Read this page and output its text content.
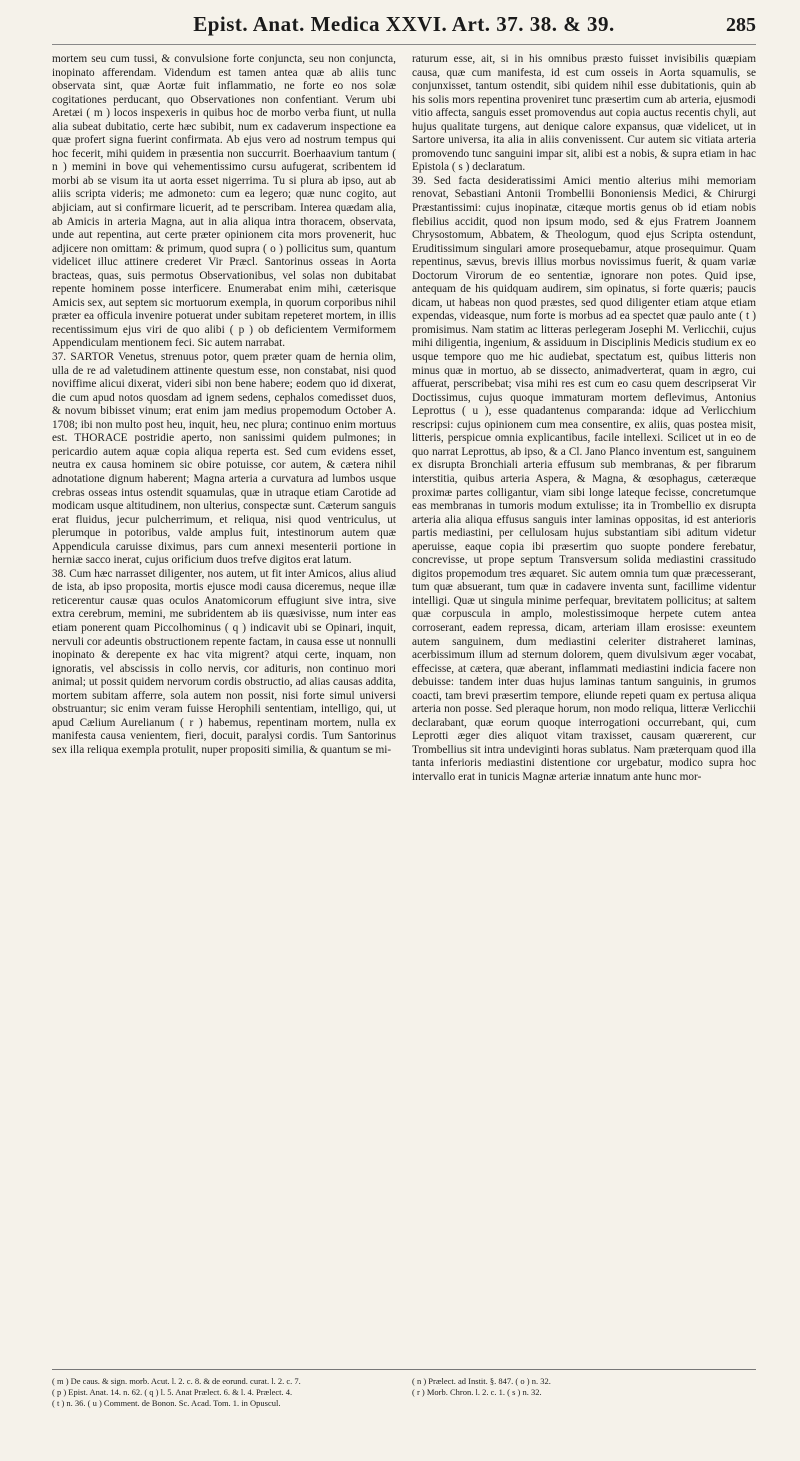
Epist. Anat. Medica XXVI. Art. 37. 38. & 39.	285

mortem seu cum tussi, & convulsione forte conjuncta, seu non conjuncta, inopinato afferendam. Videndum est tamen antea quæ ab aliis tunc observata sint, quæ Aortæ fuit inflammatio, ne forte eo nos solæ cogitationes perducant, quo Observationes non confentiant. Verum ubi Aretæi ( m ) locos inspexeris in quibus hoc de morbo verba fiunt, ut nulla alia subeat dubitatio, certe hæc subibit, num ex cadaverum inspectione ea quæ profert signa fuerint confirmata. Ab ejus vero ad nostrum tempus qui hoc fecerit, mihi quidem in præsentia non succurrit. Boerhaavium tantum ( n ) memini in bove qui vehementissimo cursu aufugerat, scribentem id morbi ab se visum ita ut aorta esset nigerrima. Tu si plura ab ipso, aut ab aliis scripta videris; me admoneto: cum ea legero; quæ nunc cogito, aut abjiciam, aut si confirmare licuerit, ad te perscribam. Interea quædam alia, ab Amicis in arteria Magna, aut in alia aliqua intra thoracem, observata, unde aut repentina, aut certe præter opinionem cita mors provenerit, huc adjicere non omittam: & primum, quod supra ( o ) pollicitus sum, quantum videlicet illuc attinere crederet Vir Præcl. Santorinus osseas in Aorta bracteas, quas, suis permotus Observationibus, vel solas non dubitabat repente hominem posse interficere. Enumerabat enim mihi, cæterisque Amicis sex, aut septem sic mortuorum exempla, in quorum corporibus nihil præter ea officula invenire potuerat under subitam repeteret mortem, in illis recentissimum ejus viri de quo alibi ( p ) ob deficientem Vermiformem Appendiculam mentionem feci. Sic autem narrabat.

37. SARTOR Venetus, strenuus potor, quem præter quam de hernia olim, ulla de re ad valetudinem attinente questum esse, non constabat, nisi quod noviffime alicui dixerat, videri sibi non bene habere; eodem quo id dixerat, die cum apud notos quosdam ad ignem sedens, cephalos comedisset duos, & novum bibisset vinum; erat enim jam medius propemodum October A. 1708; ibi non multo post heu, inquit, heu, nec plura; continuo enim mortuus est. THORACE postridie aperto, non sanissimi quidem pulmones; in pericardio autem aquæ copia aliqua reperta est. Sed cum evidens esset, neutra ex causa hominem sic obire potuisse, cor autem, & cætera nihil adnotatione dignum haberent; Magna arteria a curvatura ad lumbos usque crebras osseas intus ostendit squamulas, quæ in utraque etiam Carotide ad modicam usque altitudinem, non ulterius, conspectæ sunt. Cæterum sanguis erat fluidus, jecur pulcherrimum, et reliqua, nisi quod ventriculus, ut plerumque in potoribus, valde amplus fuit, intestinorum autem quæ Appendicula caruisse diximus, pars cum annexi mesenterii portione in herniæ sacco inerat, cujus orificium duos trefve digitos erat latum.

38. Cum hæc narrasset diligenter, nos autem, ut fit inter Amicos, alius aliud de ista, ab ipso proposita, mortis ejusce modi causa diceremus, neque illæ reticerentur causæ quas oculos Anatomicorum effugiunt sive intra, sive extra cerebrum, memini, me subridentem ab iis quæsivisse, num inter eas etiam ponerent quam Piccolhominus ( q ) indicavit ubi se Opinari, inquit, nervuli cor adeuntis obstructionem repente factam, in causa esse ut nonnulli inopinato & derepente ex hac vita migrent? atqui certe, inquam, non ignoratis, vel abscissis in collo nervis, cor adituris, non continuo mori animal; ut possit quidem nervorum cordis obstructio, ad alias causas addita, mortem subitam afferre, sola autem non possit, nisi forte simul universi obstruantur; sic enim veram fuisse Herophili sententiam, intelligo, qui, ut apud Cælium Aurelianum ( r ) habemus, repentinam mortem, nulla ex manifesta causa venientem, fieri, docuit, paralysi cordis. Tum Santorinus sex illa reliqua exempla protulit, nuper propositi similia, & quantum se mi-

raturum esse, ait, si in his omnibus præsto fuisset invisibilis quæpiam causa, quæ cum manifesta, id est cum osseis in Aorta squamulis, se conjunxisset, tantum ostendit, sibi quidem nihil esse dubitationis, quin ab his solis mors repentina proveniret tunc præsertim cum ab arteria, ejusmodi vitio affecta, sanguis esset promovendus aut copia auctus recentis chyli, aut hujus qualitate turgens, aut denique calore expansus, quæ videlicet, ut in Sartore universa, ita alia in aliis convenissent. Cur autem sic vitiata arteria promovendo tunc sanguini impar sit, alibi est a nobis, & supra etiam in hac Epistola ( s ) declaratum.

39. Sed facta desideratissimi Amici mentio alterius mihi memoriam renovat, Sebastiani Antonii Trombellii Bononiensis Medici, & Chirurgi Præstantissimi: cujus inopinatæ, citæque mortis genus ob id etiam nobis flebilius accidit, quod non ipsum modo, sed & ejus Fratrem Joannem Chrysostomum, Abbatem, & Theologum, quod ejus Scripta ostendunt, Eruditissimum singulari amore prosequebamur, atque prosequimur. Quam repentinus, sævus, brevis illius morbus novissimus fuerit, & quam variæ Doctorum Virorum de eo sententiæ, ignorare non potes. Quid ipse, antequam de his quidquam audirem, sim opinatus, si forte quæris; paucis dicam, ut habeas non quod præstes, sed quod diligenter etiam atque etiam expendas, videasque, num forte is morbus ad ea spectet quæ paulo ante ( t ) promisimus. Nam statim ac litteras perlegeram Josephi M. Verlicchii, cujus mihi diligentia, ingenium, & assiduum in Disciplinis Medicis studium ex eo usque tempore quo me hic audiebat, spectatum est, quibus litteris non minus quæ in mortuo, ab se dissecto, animadverterat, quam in ægro, cui affuerat, perscribebat; visa mihi res est cum eo casu quem descripserat Vir Doctissimus, cujus quoque immaturam mortem deflevimus, Antonius Leprottus ( u ), esse quadantenus comparanda: idque ad Verlicchium rescripsi: cujus opinionem cum mea consentire, ex aliis, quas postea misit, litteris, perspicue omnia explicantibus, facile intellexi. Scilicet ut in eo de quo narrat Leprottus, ab ipso, & a Cl. Jano Planco inventum est, sanguinem ex disrupta Bronchiali arteria effusum sub membranas, & per fibrarum interstitia, quibus arteria Aspera, & Magna, & œsophagus, cæteræque proximæ partes colligantur, viam sibi longe lateque fecisse, concretumque eas membranas in tumoris modum extulisse; ita in Trombellio ex disrupta arteria alia aliqua effusus sanguis inter laminas oppositas, id est anterioris partis mediastini, per cellulosam hujus substantiam sibi aditum videtur aperuisse, eaque copia ibi præsertim quo suopte pondere ferebatur, concrevisse, ut prope septum Transversum solida mediastini crassitudo digitos propemodum tres æquaret. Sic autem omnia tum quæ præcesserant, tum quæ absuerant, tum quæ in cadavere inventa sunt, facillime videntur intelligi. Quæ ut singula minime perfequar, brevitatem pollicitus; at saltem quæ corpuscula in amplo, molestissimoque herpete cutem antea corroserant, eadem repressa, dicam, arteriam illam erosisse: exeuntem autem sanguinem, dum mediastini celeriter distraheret laminas, acerbissimum illum ad sternum dolorem, quem divulsivum æger vocabat, effecisse, at cætera, quæ aberant, inflammati mediastini indicia facere non debuisse: tandem inter duas hujus laminas tantum sanguinis, in grumos coacti, tam brevi præsertim tempore, eliunde repeti quam ex pertusa aliqua arteria non posse. Sed pleraque horum, non modo reliqua, litteræ Verlicchii declarabant, quæ eorum quoque interrogationi occurrebant, qui, cum Leprotti æger dies aliquot vitam traxisset, causam quærerent, cur Trombellius sit intra undeviginti horas sublatus. Nam præterquam quod illa tanta inferioris mediastini distentione cor urgebatur, modico supra hoc intervallo erat in tunicis Magnæ arteriæ innatum ante hunc mor-

( m ) De caus. & sign. morb. Acut. l. 2. c. 8. & de eorund. curat. l. 2. c. 7.
( p ) Epist. Anat. 14. n. 62. ( q ) l. 5. Anat Prælect. 6. & l. 4. Prælect. 4.
( t ) n. 36. ( u ) Comment. de Bonon. Sc. Acad. Tom. 1. in Opuscul.
( n ) Prælect. ad Instit. §. 847. ( o ) n. 32.
( r ) Morb. Chron. l. 2. c. 1. ( s ) n. 32.
